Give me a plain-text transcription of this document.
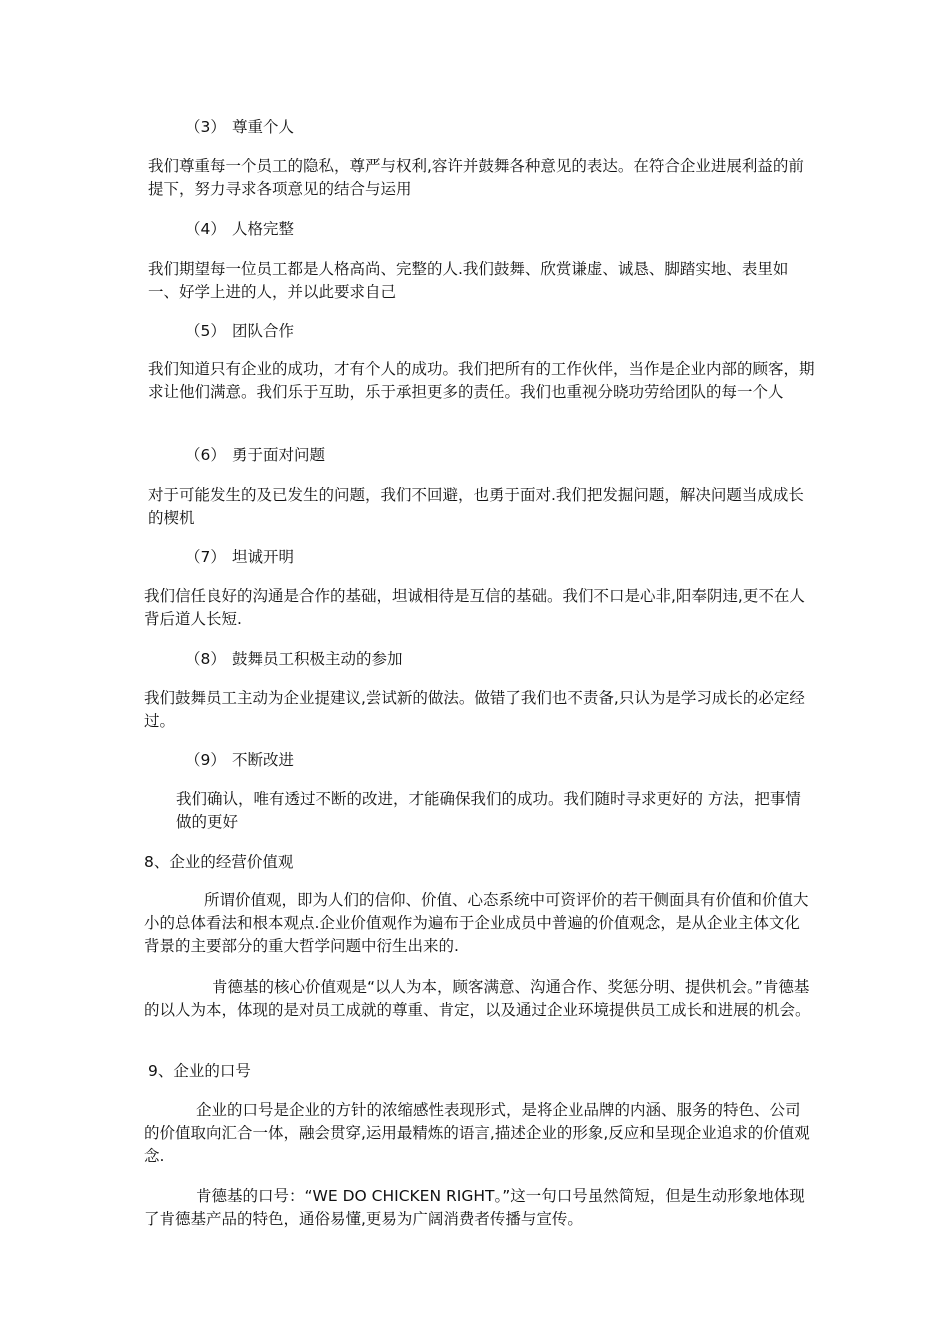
（3） 尊重个人

我们尊重每一个员工的隐私，尊严与权利,容许并鼓舞各种意见的表达。在符合企业进展利益的前提下，努力寻求各项意见的结合与运用

（4） 人格完整

我们期望每一位员工都是人格高尚、完整的人.我们鼓舞、欣赏谦虚、诚恳、脚踏实地、表里如一、好学上进的人，并以此要求自己

（5） 团队合作

我们知道只有企业的成功，才有个人的成功。我们把所有的工作伙伴，当作是企业内部的顾客，期求让他们满意。我们乐于互助，乐于承担更多的责任。我们也重视分晓功劳给团队的每一个人

（6） 勇于面对问题

对于可能发生的及已发生的问题，我们不回避，也勇于面对.我们把发掘问题，解决问题当成成长的楔机

（7） 坦诚开明

我们信任良好的沟通是合作的基础，坦诚相待是互信的基础。我们不口是心非,阳奉阴违,更不在人背后道人长短.

（8） 鼓舞员工积极主动的参加

我们鼓舞员工主动为企业提建议,尝试新的做法。做错了我们也不责备,只认为是学习成长的必定经过。

（9） 不断改进

我们确认，唯有透过不断的改进，才能确保我们的成功。我们随时寻求更好的 方法，把事情做的更好

8、企业的经营价值观

所谓价值观，即为人们的信仰、价值、心态系统中可资评价的若干侧面具有价值和价值大小的总体看法和根本观点.企业价值观作为遍布于企业成员中普遍的价值观念，是从企业主体文化背景的主要部分的重大哲学问题中衍生出来的.

肯德基的核心价值观是“以人为本，顾客满意、沟通合作、奖惩分明、提供机会。”肯德基的以人为本，体现的是对员工成就的尊重、肯定，以及通过企业环境提供员工成长和进展的机会。

9、企业的口号

企业的口号是企业的方针的浓缩感性表现形式，是将企业品牌的内涵、服务的特色、公司的价值取向汇合一体，融会贯穿,运用最精炼的语言,描述企业的形象,反应和呈现企业追求的价值观念.

肯德基的口号：“WE DO CHICKEN RIGHT。”这一句口号虽然简短，但是生动形象地体现了肯德基产品的特色，通俗易懂,更易为广阔消费者传播与宣传。
